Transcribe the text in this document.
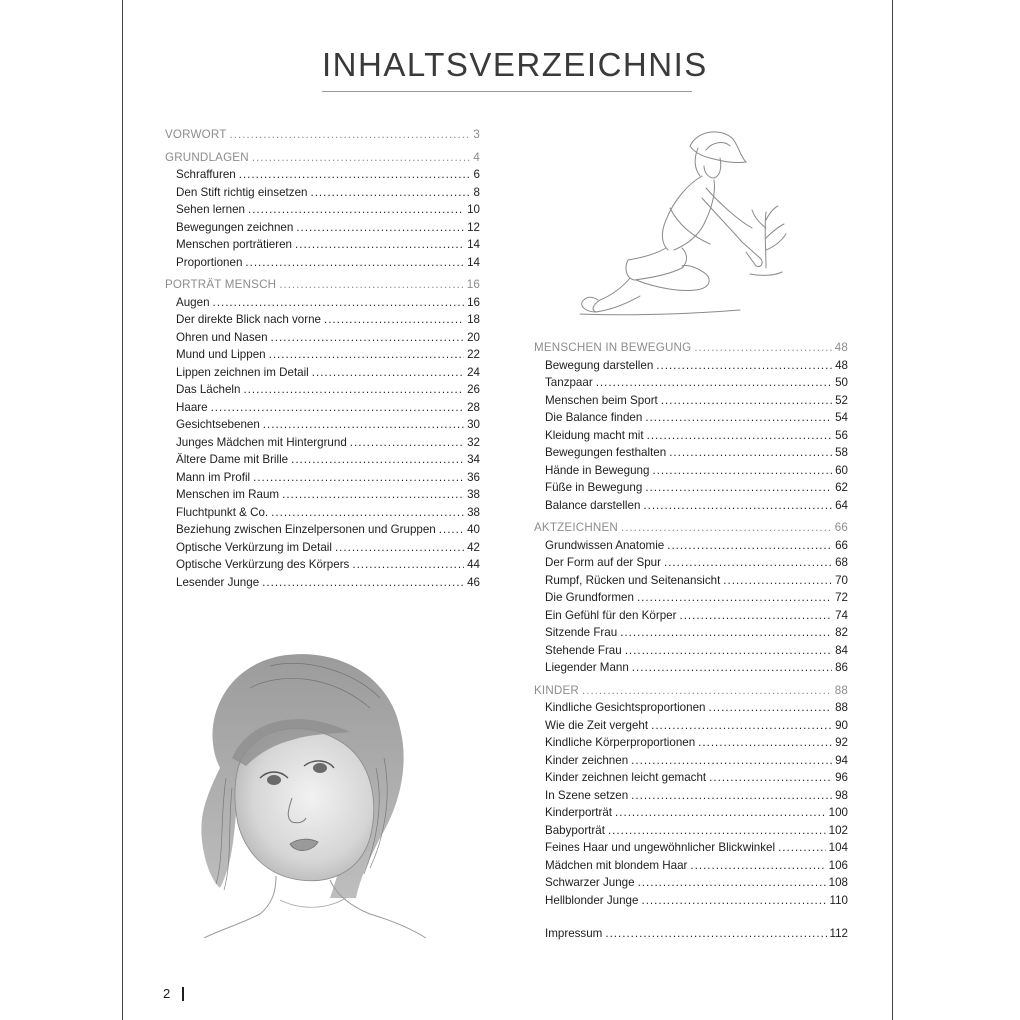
INHALTSVERZEICHNIS
VORWORT .....	3
GRUNDLAGEN .....	4
Schraffuren .....	6
Den Stift richtig einsetzen .....	8
Sehen lernen .....	10
Bewegungen zeichnen .....	12
Menschen porträtieren .....	14
Proportionen .....	14
PORTRÄT MENSCH .....	16
Augen .....	16
Der direkte Blick nach vorne .....	18
Ohren und Nasen .....	20
Mund und Lippen .....	22
Lippen zeichnen im Detail .....	24
Das Lächeln .....	26
Haare .....	28
Gesichtsebenen .....	30
Junges Mädchen mit Hintergrund .....	32
Ältere Dame mit Brille .....	34
Mann im Profil .....	36
Menschen im Raum .....	38
Fluchtpunkt & Co. .....	38
Beziehung zwischen Einzelpersonen und Gruppen .....	40
Optische Verkürzung im Detail .....	42
Optische Verkürzung des Körpers .....	44
Lesender Junge .....	46
MENSCHEN IN BEWEGUNG .....	48
Bewegung darstellen .....	48
Tanzpaar .....	50
Menschen beim Sport .....	52
Die Balance finden .....	54
Kleidung macht mit .....	56
Bewegungen festhalten .....	58
Hände in Bewegung .....	60
Füße in Bewegung .....	62
Balance darstellen .....	64
AKTZEICHNEN .....	66
Grundwissen Anatomie .....	66
Der Form auf der Spur .....	68
Rumpf, Rücken und Seitenansicht .....	70
Die Grundformen .....	72
Ein Gefühl für den Körper .....	74
Sitzende Frau .....	82
Stehende Frau .....	84
Liegender Mann .....	86
KINDER .....	88
Kindliche Gesichtsproportionen .....	88
Wie die Zeit vergeht .....	90
Kindliche Körperproportionen .....	92
Kinder zeichnen .....	94
Kinder zeichnen leicht gemacht .....	96
In Szene setzen .....	98
Kinderporträt .....	100
Babyporträt .....	102
Feines Haar und ungewöhnlicher Blickwinkel .....	104
Mädchen mit blondem Haar .....	106
Schwarzer Junge .....	108
Hellblonder Junge .....	110
Impressum .....	112
2
